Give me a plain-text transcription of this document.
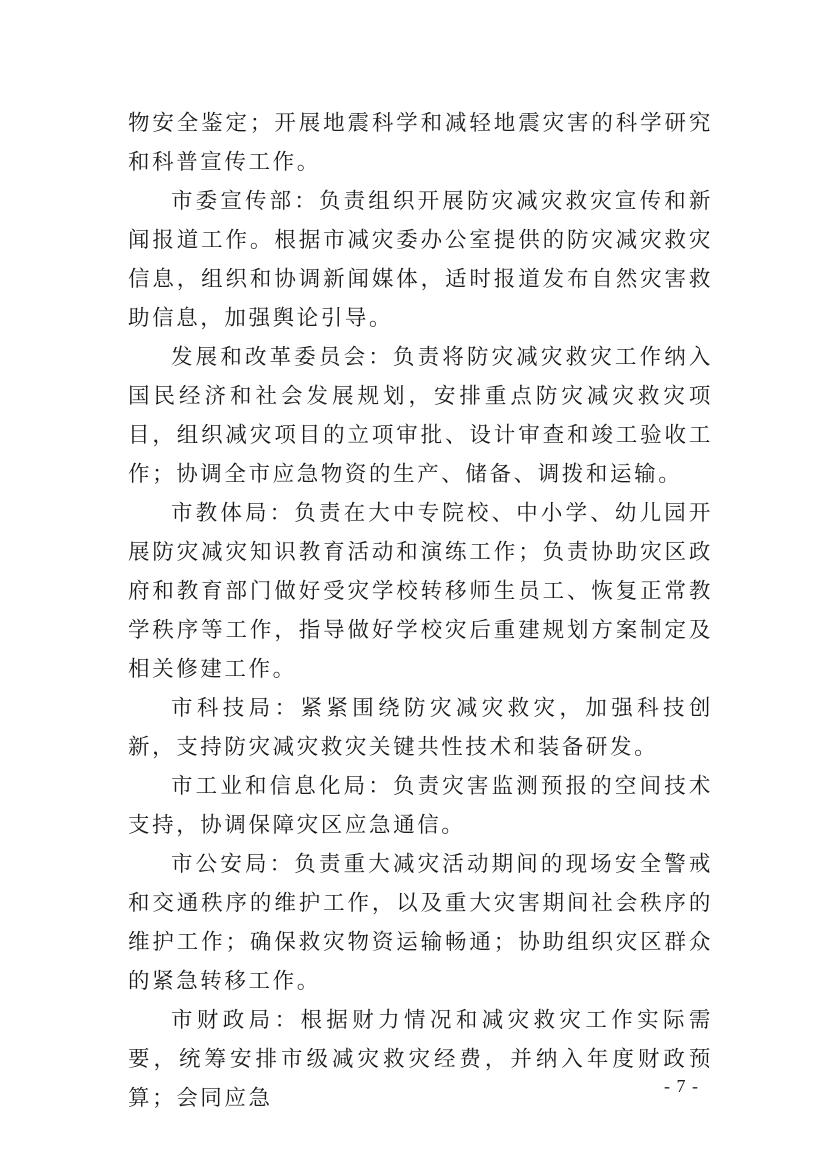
物安全鉴定；开展地震科学和减轻地震灾害的科学研究和科普宣传工作。

市委宣传部：负责组织开展防灾减灾救灾宣传和新闻报道工作。根据市减灾委办公室提供的防灾减灾救灾信息，组织和协调新闻媒体，适时报道发布自然灾害救助信息，加强舆论引导。

发展和改革委员会：负责将防灾减灾救灾工作纳入国民经济和社会发展规划，安排重点防灾减灾救灾项目，组织减灾项目的立项审批、设计审查和竣工验收工作；协调全市应急物资的生产、储备、调拨和运输。

市教体局：负责在大中专院校、中小学、幼儿园开展防灾减灾知识教育活动和演练工作；负责协助灾区政府和教育部门做好受灾学校转移师生员工、恢复正常教学秩序等工作，指导做好学校灾后重建规划方案制定及相关修建工作。

市科技局：紧紧围绕防灾减灾救灾，加强科技创新，支持防灾减灾救灾关键共性技术和装备研发。

市工业和信息化局：负责灾害监测预报的空间技术支持，协调保障灾区应急通信。

市公安局：负责重大减灾活动期间的现场安全警戒和交通秩序的维护工作，以及重大灾害期间社会秩序的维护工作；确保救灾物资运输畅通；协助组织灾区群众的紧急转移工作。

市财政局：根据财力情况和减灾救灾工作实际需要，统筹安排市级减灾救灾经费，并纳入年度财政预算；会同应急	- 7 -
